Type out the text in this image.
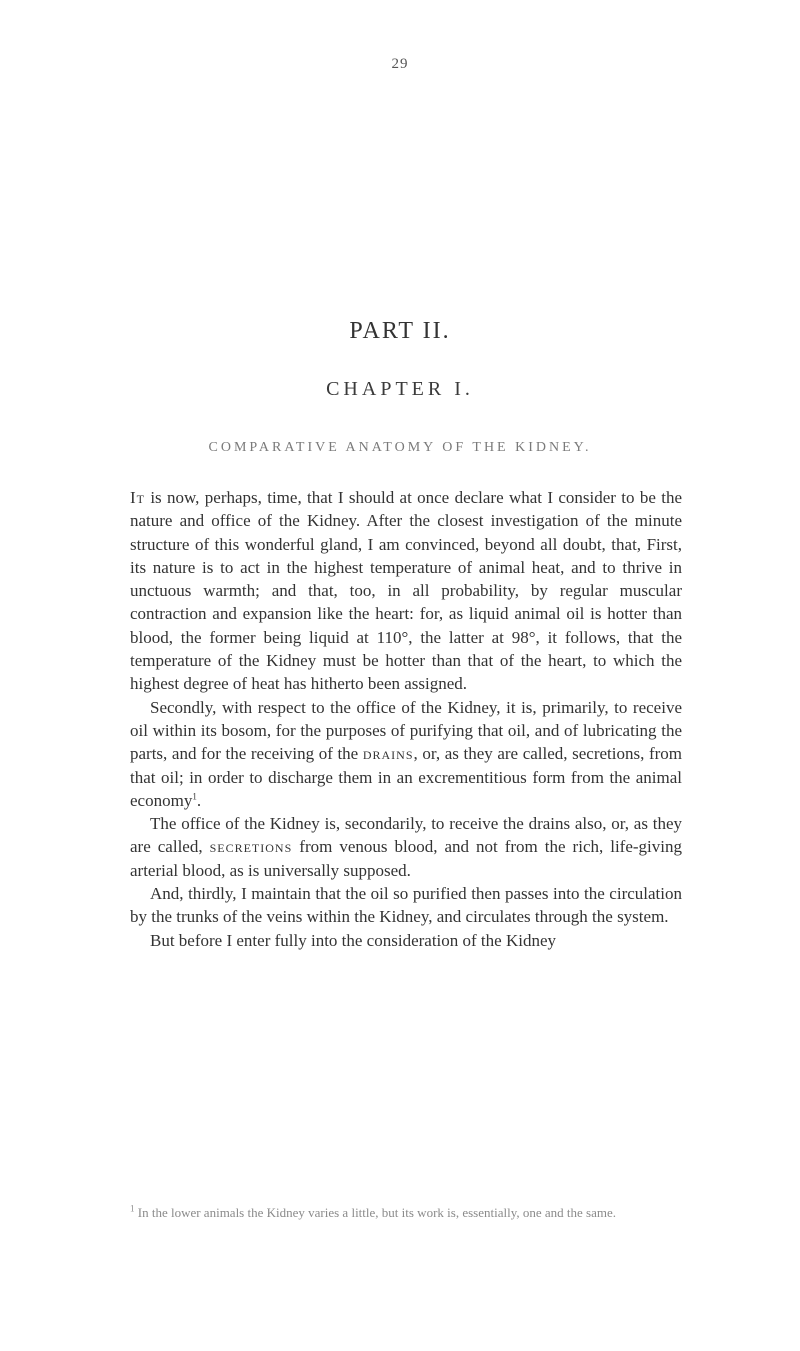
29
PART II.
CHAPTER I.
COMPARATIVE ANATOMY OF THE KIDNEY.

It is now, perhaps, time, that I should at once declare what I consider to be the nature and office of the Kidney. After the closest investigation of the minute structure of this wonderful gland, I am convinced, beyond all doubt, that, First, its nature is to act in the highest temperature of animal heat, and to thrive in unctuous warmth; and that, too, in all probability, by regular muscular contraction and expansion like the heart: for, as liquid animal oil is hotter than blood, the former being liquid at 110°, the latter at 98°, it follows, that the temperature of the Kidney must be hotter than that of the heart, to which the highest degree of heat has hitherto been assigned.

Secondly, with respect to the office of the Kidney, it is, primarily, to receive oil within its bosom, for the purposes of purifying that oil, and of lubricating the parts, and for the receiving of the drains, or, as they are called, secretions, from that oil; in order to discharge them in an excrementitious form from the animal economy$^1$.

The office of the Kidney is, secondarily, to receive the drains also, or, as they are called, secretions from venous blood, and not from the rich, life-giving arterial blood, as is universally supposed.

And, thirdly, I maintain that the oil so purified then passes into the circulation by the trunks of the veins within the Kidney, and circulates through the system.

But before I enter fully into the consideration of the Kidney

$^1$ In the lower animals the Kidney varies a little, but its work is, essentially, one and the same.
